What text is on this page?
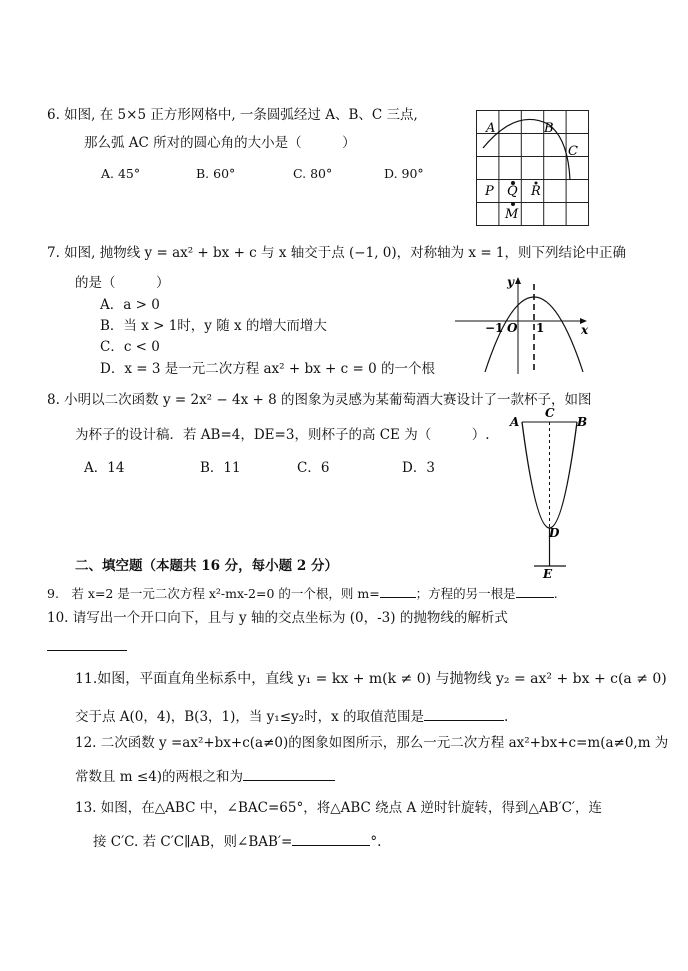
6. 如图, 在 5×5 正方形网格中, 一条圆弧经过 A、B、C 三点,
那么弧 AC 所对的圆心角的大小是（　　　）
A. 45°	B. 60°	C. 80°	D. 90°
A	B
C
P Q R
M
7. 如图, 抛物线 y = ax² + bx + c 与 x 轴交于点 (−1, 0)，对称轴为 x = 1，则下列结论中正确
的是（　　　）
A．a > 0
B．当 x > 1时，y 随 x 的增大而增大
C．c < 0
D．x = 3 是一元二次方程 ax² + bx + c = 0 的一个根
y
x
−1 O 1
8. 小明以二次函数 y = 2x² − 4x + 8 的图象为灵感为某葡萄酒大赛设计了一款杯子，如图
为杯子的设计稿．若 AB=4，DE=3，则杯子的高 CE 为（　　　）.
A．14	B．11	C．6	D．3
A	B
C
D
E
二、填空题（本题共 16 分，每小题 2 分）
9.　若 x=2 是一元二次方程 x²-mx-2=0 的一个根，则 m=	；方程的另一根是	.
10. 请写出一个开口向下，且与 y 轴的交点坐标为 (0，-3) 的抛物线的解析式
11.如图，平面直角坐标系中，直线 y₁ = kx + m(k ≠ 0) 与抛物线 y₂ = ax² + bx + c(a ≠ 0)
交于点 A(0，4)，B(3，1)，当 y₁≤y₂时，x 的取值范围是	.
12. 二次函数 y =ax²+bx+c(a≠0)的图象如图所示，那么一元二次方程 ax²+bx+c=m(a≠0,m 为
常数且 m ≤4)的两根之和为
13. 如图，在△ABC 中，∠BAC=65°，将△ABC 绕点 A 逆时针旋转，得到△AB′C′，连
接 C′C. 若 C′C∥AB，则∠BAB′=	°.
